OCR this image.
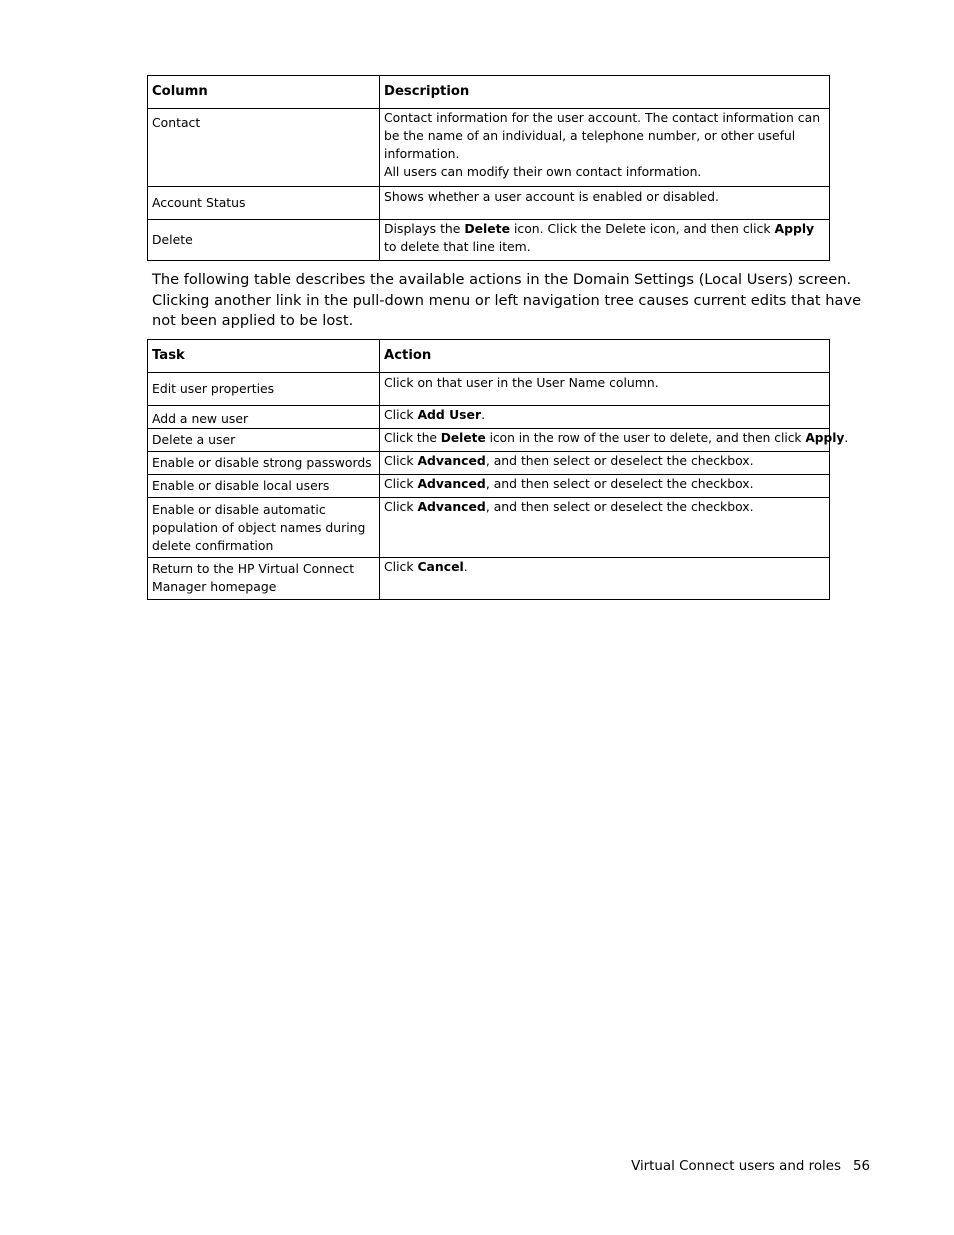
Column	Description
Contact	Contact information for the user account. The contact information can be the name of an individual, a telephone number, or other useful information.
All users can modify their own contact information.
Account Status	Shows whether a user account is enabled or disabled.
Delete	Displays the Delete icon. Click the Delete icon, and then click Apply to delete that line item.

The following table describes the available actions in the Domain Settings (Local Users) screen. Clicking another link in the pull-down menu or left navigation tree causes current edits that have not been applied to be lost.

Task	Action
Edit user properties	Click on that user in the User Name column.
Add a new user	Click Add User.
Delete a user	Click the Delete icon in the row of the user to delete, and then click Apply.
Enable or disable strong passwords	Click Advanced, and then select or deselect the checkbox.
Enable or disable local users	Click Advanced, and then select or deselect the checkbox.
Enable or disable automatic population of object names during delete confirmation	Click Advanced, and then select or deselect the checkbox.
Return to the HP Virtual Connect Manager homepage	Click Cancel.
Virtual Connect users and roles 56
